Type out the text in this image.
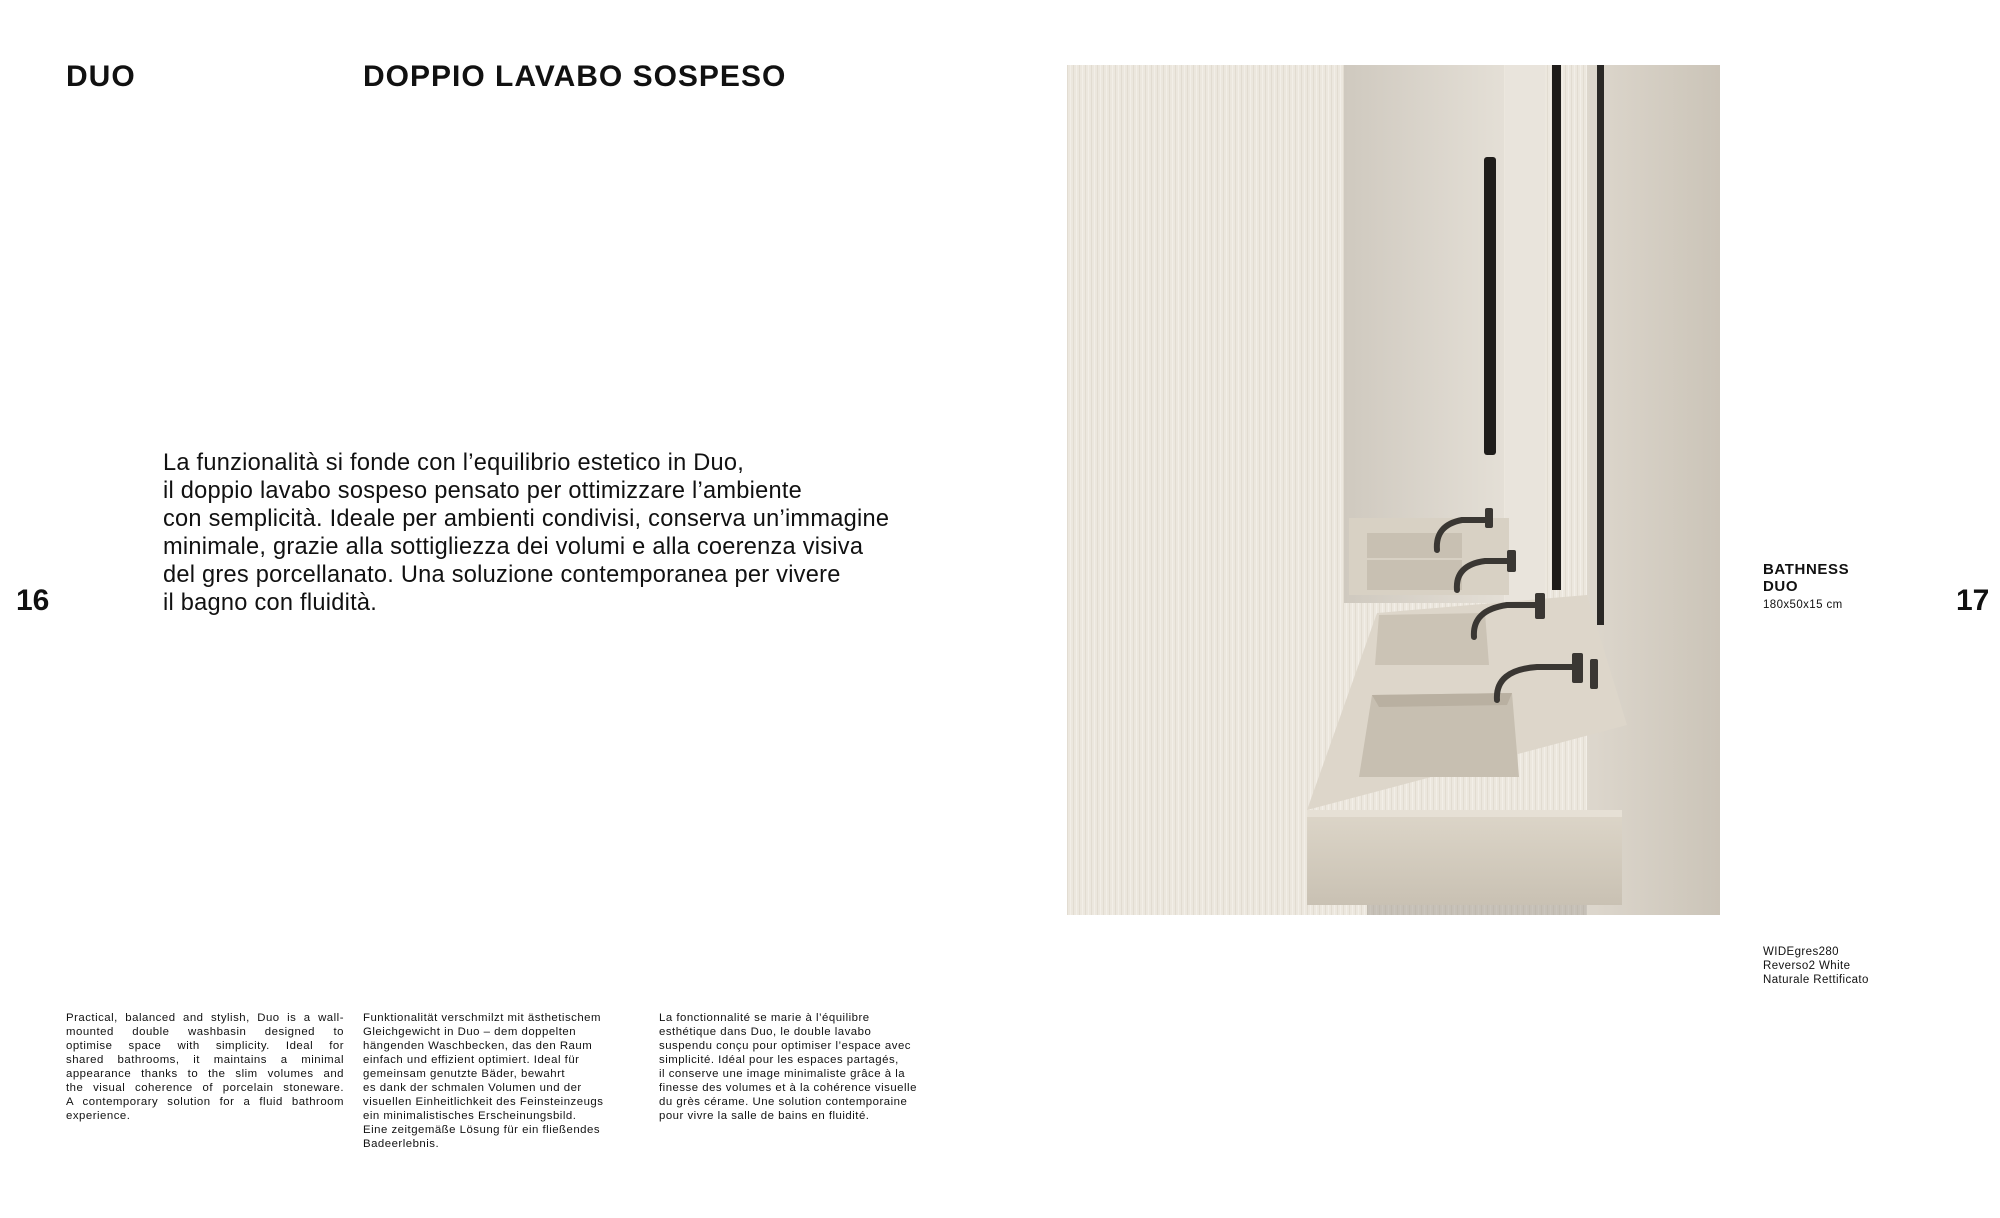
DUO	DOPPIO LAVABO SOSPESO
16	17
La funzionalità si fonde con l’equilibrio estetico in Duo,
il doppio lavabo sospeso pensato per ottimizzare l’ambiente
con semplicità. Ideale per ambienti condivisi, conserva un’immagine
minimale, grazie alla sottigliezza dei volumi e alla coerenza visiva
del gres porcellanato. Una soluzione contemporanea per vivere
il bagno con fluidità.
Practical, balanced and stylish, Duo is a wall-
mounted double washbasin designed to
optimise space with simplicity. Ideal for
shared bathrooms, it maintains a minimal
appearance thanks to the slim volumes and
the visual coherence of porcelain stoneware.
A contemporary solution for a fluid bathroom
experience.
Funktionalität verschmilzt mit ästhetischem
Gleichgewicht in Duo – dem doppelten
hängenden Waschbecken, das den Raum
einfach und effizient optimiert. Ideal für
gemeinsam genutzte Bäder, bewahrt
es dank der schmalen Volumen und der
visuellen Einheitlichkeit des Feinsteinzeugs
ein minimalistisches Erscheinungsbild.
Eine zeitgemäße Lösung für ein fließendes
Badeerlebnis.
La fonctionnalité se marie à l’équilibre
esthétique dans Duo, le double lavabo
suspendu conçu pour optimiser l’espace avec
simplicité. Idéal pour les espaces partagés,
il conserve une image minimaliste grâce à la
finesse des volumes et à la cohérence visuelle
du grès cérame. Une solution contemporaine
pour vivre la salle de bains en fluidité.
BATHNESS
DUO
180x50x15 cm
WIDEgres280
Reverso2 White
Naturale Rettificato
